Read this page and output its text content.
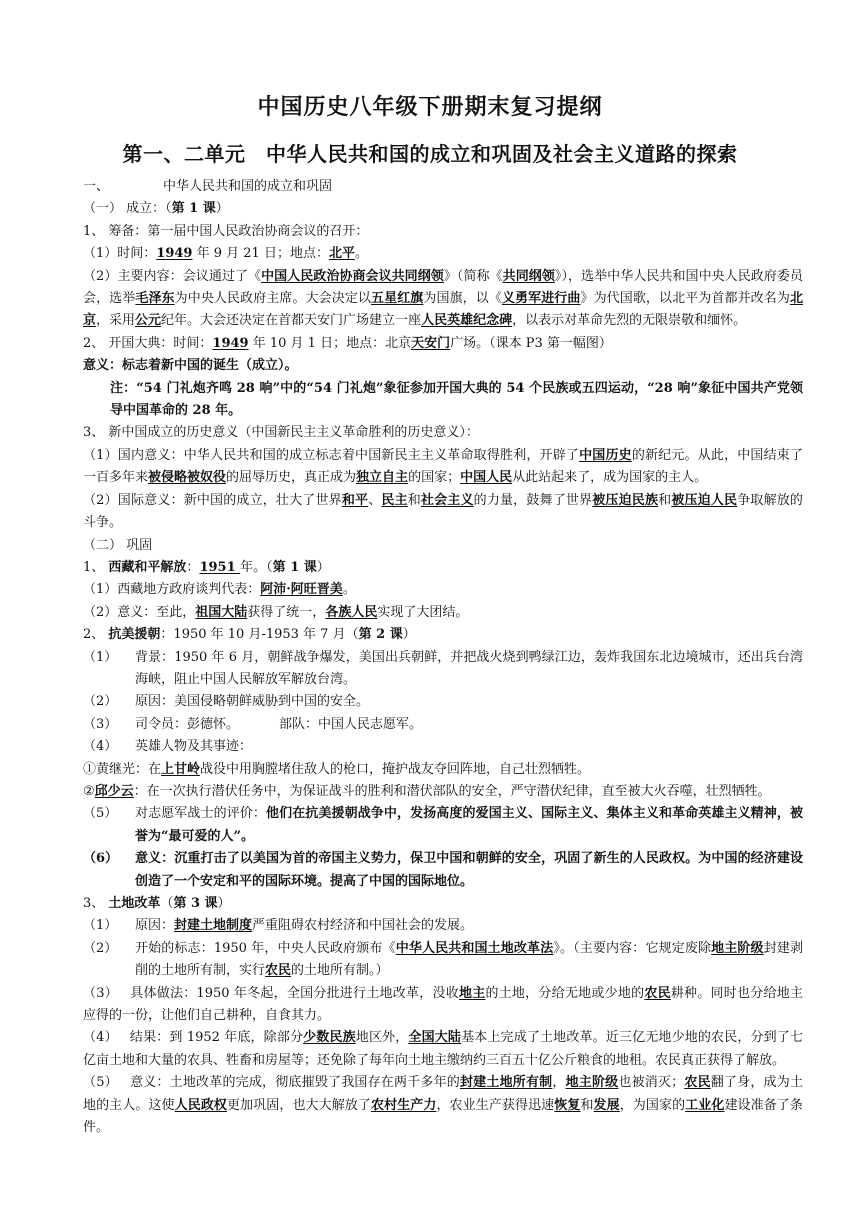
中国历史八年级下册期末复习提纲
第一、二单元　中华人民共和国的成立和巩固及社会主义道路的探索

一、	中华人民共和国的成立和巩固

（一） 成立：（第 1 课）

1、 筹备：第一届中国人民政治协商会议的召开：

（1）时间：1949 年 9 月 21 日；地点：北平。

（2）主要内容：会议通过了《中国人民政治协商会议共同纲领》（简称《共同纲领》），选举中华人民共和国中央人民政府委员会，选举毛泽东为中央人民政府主席。大会决定以五星红旗为国旗，以《义勇军进行曲》为代国歌，以北平为首都并改名为北京，采用公元纪年。大会还决定在首都天安门广场建立一座人民英雄纪念碑，以表示对革命先烈的无限崇敬和缅怀。

2、 开国大典：时间：1949 年 10 月 1 日；地点：北京天安门广场。（课本 P3 第一幅图）

意义：标志着新中国的诞生（成立）。

注：“54 门礼炮齐鸣 28 响”中的“54 门礼炮”象征参加开国大典的 54 个民族或五四运动，“28 响”象征中国共产党领导中国革命的 28 年。

3、 新中国成立的历史意义（中国新民主主义革命胜利的历史意义）：

（1）国内意义：中华人民共和国的成立标志着中国新民主主义革命取得胜利，开辟了中国历史的新纪元。从此，中国结束了一百多年来被侵略被奴役的屈辱历史，真正成为独立自主的国家；中国人民从此站起来了，成为国家的主人。

（2）国际意义：新中国的成立，壮大了世界和平、民主和社会主义的力量，鼓舞了世界被压迫民族和被压迫人民争取解放的斗争。

（二） 巩固

1、 西藏和平解放：1951 年。（第 1 课）

（1）西藏地方政府谈判代表：阿沛·阿旺晋美。

（2）意义：至此，祖国大陆获得了统一，各族人民实现了大团结。

2、 抗美援朝：1950 年 10 月-1953 年 7 月（第 2 课）

（1）	背景：1950 年 6 月，朝鲜战争爆发，美国出兵朝鲜，并把战火烧到鸭绿江边，轰炸我国东北边境城市，还出兵台湾海峡，阻止中国人民解放军解放台湾。
（2）	原因：美国侵略朝鲜威胁到中国的安全。
（3）	司令员：彭德怀。	部队：中国人民志愿军。
（4）	英雄人物及其事迹：

①黄继光：在上甘岭战役中用胸膛堵住敌人的枪口，掩护战友夺回阵地，自己壮烈牺牲。

②邱少云：在一次执行潜伏任务中，为保证战斗的胜利和潜伏部队的安全，严守潜伏纪律，直至被大火吞噬，壮烈牺牲。

（5）	对志愿军战士的评价：他们在抗美援朝战争中，发扬高度的爱国主义、国际主义、集体主义和革命英雄主义精神，被誉为“最可爱的人”。
（6）	意义：沉重打击了以美国为首的帝国主义势力，保卫中国和朝鲜的安全，巩固了新生的人民政权。为中国的经济建设创造了一个安定和平的国际环境。提高了中国的国际地位。

3、 土地改革（第 3 课）

（1）	原因：封建土地制度严重阻碍农村经济和中国社会的发展。
（2）	开始的标志：1950 年，中央人民政府颁布《中华人民共和国土地改革法》。（主要内容：它规定废除地主阶级封建剥削的土地所有制，实行农民的土地所有制。）

（3） 具体做法：1950 年冬起，全国分批进行土地改革，没收地主的土地，分给无地或少地的农民耕种。同时也分给地主应得的一份，让他们自己耕种，自食其力。

（4） 结果：到 1952 年底，除部分少数民族地区外，全国大陆基本上完成了土地改革。近三亿无地少地的农民，分到了七亿亩土地和大量的农具、牲畜和房屋等；还免除了每年向土地主缴纳约三百五十亿公斤粮食的地租。农民真正获得了解放。

（5） 意义：土地改革的完成，彻底摧毁了我国存在两千多年的封建土地所有制，地主阶级也被消灭；农民翻了身，成为土地的主人。这使人民政权更加巩固，也大大解放了农村生产力，农业生产获得迅速恢复和发展，为国家的工业化建设准备了条件。
